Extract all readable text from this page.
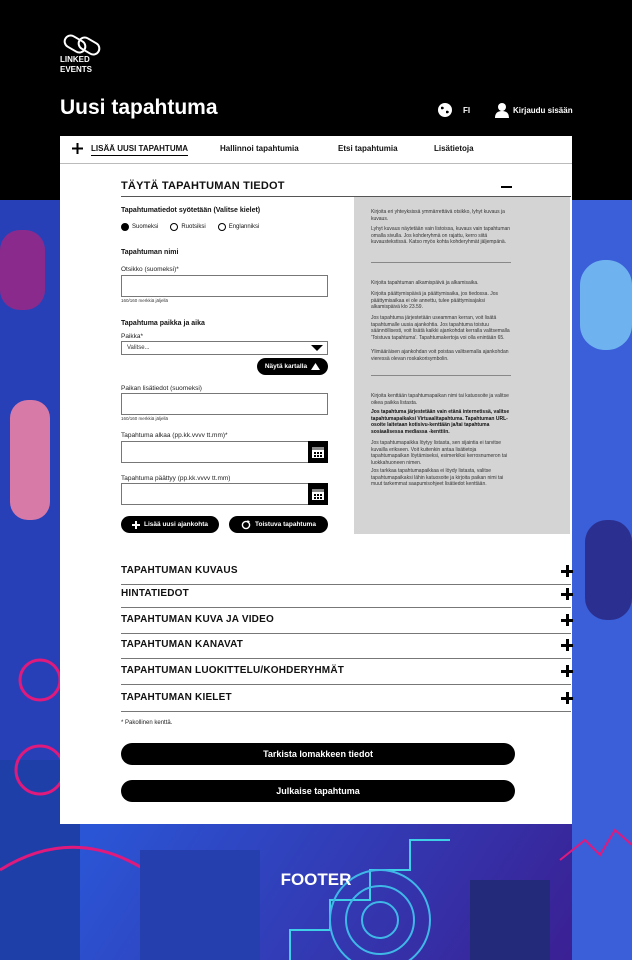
LINKED
EVENTS
Uusi tapahtuma	FI	Kirjaudu sisään
LISÄÄ UUSI TAPAHTUMA	Hallinnoi tapahtumia	Etsi tapahtumia	Lisätietoja
TÄYTÄ TAPAHTUMAN TIEDOT
Tapahtumatiedot syötetään (Valitse kielet)
Suomeksi	Ruotsiksi	Englanniksi
Tapahtuman nimi
Otsikko (suomeksi)*
160/160 merkkiä jäljellä
Tapahtuma paikka ja aika
Paikka*
Valitse...
Näytä kartalla
Paikan lisätiedot (suomeksi)
160/160 merkkiä jäljellä
Tapahtuma alkaa (pp.kk.vvvv tt.mm)*
Tapahtuma päättyy (pp.kk.vvvv tt.mm)
Lisää uusi ajankohta	Toistuva tapahtuma

Kirjoita eri yhteyksissä ymmärrettävä otsikko, lyhyt kuvaus ja kuvaus.

Lyhyt kuvaus näytetään vain listoissa, kuvaus vain tapahtuman omalla sivulla. Jos kohderyhmä on rajattu, kerro siitä kuvaustekstissä. Katso myös kohta kohderyhmät jäljempänä.

Kirjoita tapahtuman alkamispäivä ja alkamisaika.

Kirjoita päättymispäivä ja päättymisaika, jos tiedossa. Jos päättymisaikaa ei ole annettu, tulee päättymisajaksi alkamispäivä klo 23.59.

Jos tapahtuma järjestetään useamman kerran, voit lisätä tapahtumalle uusia ajankohtia. Jos tapahtuma toistuu säännöllisesti, voit lisätä kaikki ajankohdat kerralla valitsemalla 'Toistuva tapahtuma'. Tapahtumakertoja voi olla enintään 65.

Ylimääräisen ajankohdan voit poistaa valitsemalla ajankohdan vieressä olevan roskakorisymbolin.

Kirjoita kenttään tapahtumapaikan nimi tai katuosoite ja valitse oikea paikka listasta.

Jos tapahtuma järjestetään vain etänä internetissä, valitse tapahtumapaikaksi Virtuaalitapahtuma. Tapahtuman URL-osoite laitetaan kotisivu-kenttään ja/tai tapahtuma sosiaalisessa mediassa -kenttiin.

Jos tapahtumapaikka löytyy listasta, sen sijaintia ei tarvitse kuvailla erikseen. Voit kuitenkin antaa lisätietoja tapahtumapaikan löytämiseksi, esimerkiksi kerrosnumeron tai luokkahuoneen nimen.

Jos tarkkaa tapahtumapaikkaa ei löydy listasta, valitse tapahtumapaikaksi lähin katuosoite ja kirjoita paikan nimi tai muut tarkemmat saapumisohjeet lisätiedot kenttään.

TAPAHTUMAN KUVAUS
HINTATIEDOT
TAPAHTUMAN KUVA JA VIDEO
TAPAHTUMAN KANAVAT
TAPAHTUMAN LUOKITTELU/KOHDERYHMÄT
TAPAHTUMAN KIELET
* Pakollinen kenttä.
Tarkista lomakkeen tiedot
Julkaise tapahtuma
FOOTER
